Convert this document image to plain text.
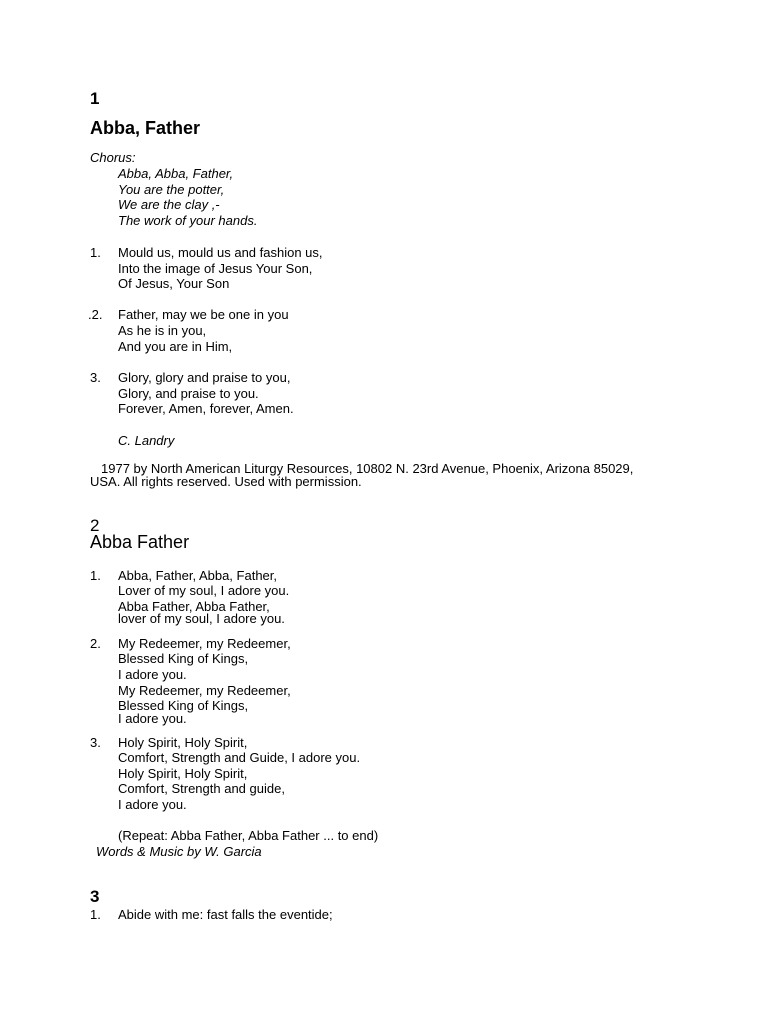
1
Abba, Father
Chorus:
Abba, Abba, Father,
You are the potter,
We are the clay ,-
The work of your hands.
1. Mould us, mould us and fashion us,
Into the image of Jesus Your Son,
Of Jesus, Your Son
.2. Father, may we be one in you
As he is in you,
And you are in Him,
3. Glory, glory and praise to you,
Glory, and praise to you.
Forever, Amen, forever, Amen.
C. Landry
1977 by North American Liturgy Resources, 10802 N. 23rd Avenue, Phoenix, Arizona 85029,
USA. All rights reserved. Used with permission.
2
Abba Father
1. Abba, Father, Abba, Father,
Lover of my soul, I adore you.
Abba Father, Abba Father,
lover of my soul, I adore you.
2. My Redeemer, my Redeemer,
Blessed King of Kings,
I adore you.
My Redeemer, my Redeemer,
Blessed King of Kings,
I adore you.
3. Holy Spirit, Holy Spirit,
Comfort, Strength and Guide, I adore you.
Holy Spirit, Holy Spirit,
Comfort, Strength and guide,
I adore you.
(Repeat: Abba Father, Abba Father ... to end)
Words & Music by W. Garcia
3
1. Abide with me: fast falls the eventide;
